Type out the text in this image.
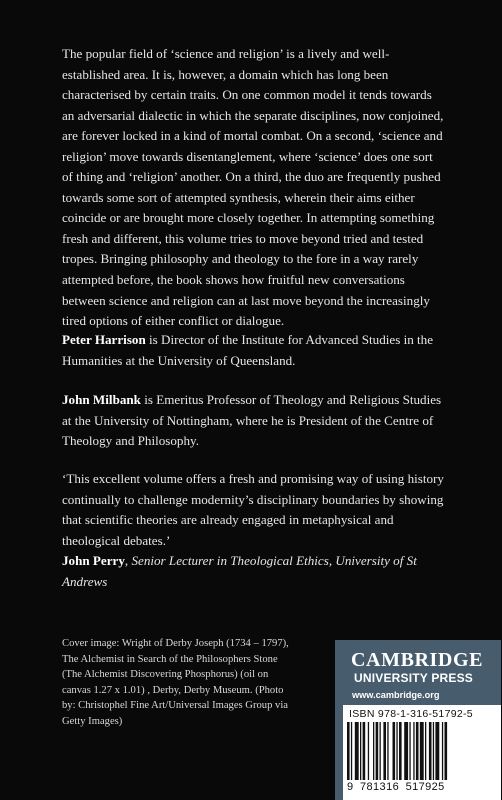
The popular field of ‘science and religion’ is a lively and well-established area. It is, however, a domain which has long been characterised by certain traits. On one common model it tends towards an adversarial dialectic in which the separate disciplines, now conjoined, are forever locked in a kind of mortal combat. On a second, ‘science and religion’ move towards disentanglement, where ‘science’ does one sort of thing and ‘religion’ another. On a third, the duo are frequently pushed towards some sort of attempted synthesis, wherein their aims either coincide or are brought more closely together. In attempting something fresh and different, this volume tries to move beyond tried and tested tropes. Bringing philosophy and theology to the fore in a way rarely attempted before, the book shows how fruitful new conversations between science and religion can at last move beyond the increasingly tired options of either conflict or dialogue.

Peter Harrison is Director of the Institute for Advanced Studies in the Humanities at the University of Queensland.

John Milbank is Emeritus Professor of Theology and Religious Studies at the University of Nottingham, where he is President of the Centre of Theology and Philosophy.

‘This excellent volume offers a fresh and promising way of using history continually to challenge modernity’s disciplinary boundaries by showing that scientific theories are already engaged in metaphysical and theological debates.’
John Perry, Senior Lecturer in Theological Ethics, University of St Andrews

Cover image: Wright of Derby Joseph (1734 – 1797), The Alchemist in Search of the Philosophers Stone (The Alchemist Discovering Phosphorus) (oil on canvas 1.27 x 1.01) , Derby, Derby Museum. (Photo by: Christophel Fine Art/Universal Images Group via Getty Images)

CAMBRIDGE
UNIVERSITY PRESS
www.cambridge.org
ISBN 978-1-316-51792-5
9 781316 517925
